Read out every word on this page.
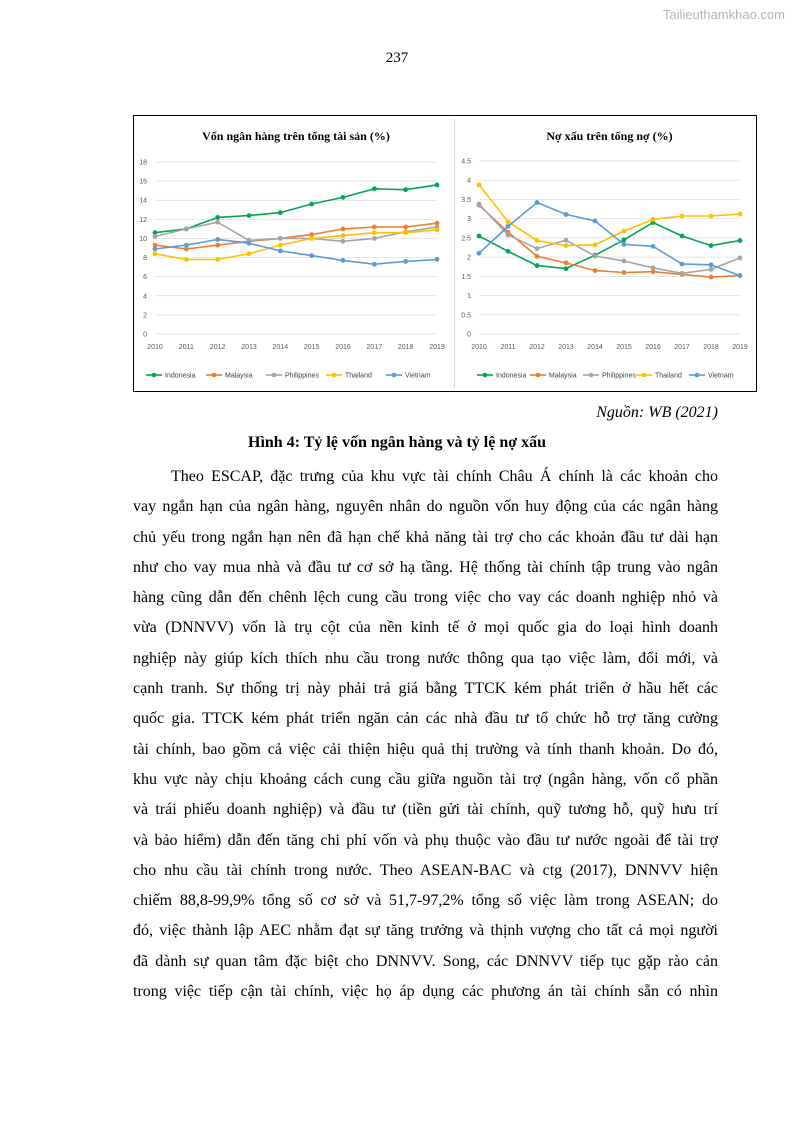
Tailieuthamkhao.com
237
Vốn ngân hàng trên tổng tài sản (%)
0
2
4
6
8
10
12
14
16
18
2010 2011 2012 2013 2014 2015 2016 2017 2018 2019
Indonesia	Malaysia	Philippines	Thailand	Vietnam
Nợ xấu trên tổng nợ (%)
0
0.5
1
1.5
2
2.5
3
3.5
4
4.5
2010 2011 2012 2013 2014 2015 2016 2017 2018 2019
Indonesia	Malaysia	Philippines	Thailand	Vietnam
Nguồn: WB (2021)
Hình 4: Tỷ lệ vốn ngân hàng và tỷ lệ nợ xấu
Theo ESCAP, đặc trưng của khu vực tài chính Châu Á chính là các khoản cho
vay ngắn hạn của ngân hàng, nguyên nhân do nguồn vốn huy động của các ngân hàng
chủ yếu trong ngắn hạn nên đã hạn chế khả năng tài trợ cho các khoản đầu tư dài hạn
như cho vay mua nhà và đầu tư cơ sở hạ tầng. Hệ thống tài chính tập trung vào ngân
hàng cũng dẫn đến chênh lệch cung cầu trong việc cho vay các doanh nghiệp nhỏ và
vừa (DNNVV) vốn là trụ cột của nền kinh tế ở mọi quốc gia do loại hình doanh
nghiệp này giúp kích thích nhu cầu trong nước thông qua tạo việc làm, đổi mới, và
cạnh tranh. Sự thống trị này phải trả giá bằng TTCK kém phát triển ở hầu hết các
quốc gia. TTCK kém phát triển ngăn cản các nhà đầu tư tổ chức hỗ trợ tăng cường
tài chính, bao gồm cả việc cải thiện hiệu quả thị trường và tính thanh khoản. Do đó,
khu vực này chịu khoảng cách cung cầu giữa nguồn tài trợ (ngân hàng, vốn cổ phần
và trái phiếu doanh nghiệp) và đầu tư (tiền gửi tài chính, quỹ tương hỗ, quỹ hưu trí
và bảo hiểm) dẫn đến tăng chi phí vốn và phụ thuộc vào đầu tư nước ngoài để tài trợ
cho nhu cầu tài chính trong nước. Theo ASEAN-BAC và ctg (2017), DNNVV hiện
chiếm 88,8-99,9% tổng số cơ sở và 51,7-97,2% tổng số việc làm trong ASEAN; do
đó, việc thành lập AEC nhằm đạt sự tăng trưởng và thịnh vượng cho tất cả mọi người
đã dành sự quan tâm đặc biệt cho DNNVV. Song, các DNNVV tiếp tục gặp rào cản
trong việc tiếp cận tài chính, việc họ áp dụng các phương án tài chính sẵn có nhìn
